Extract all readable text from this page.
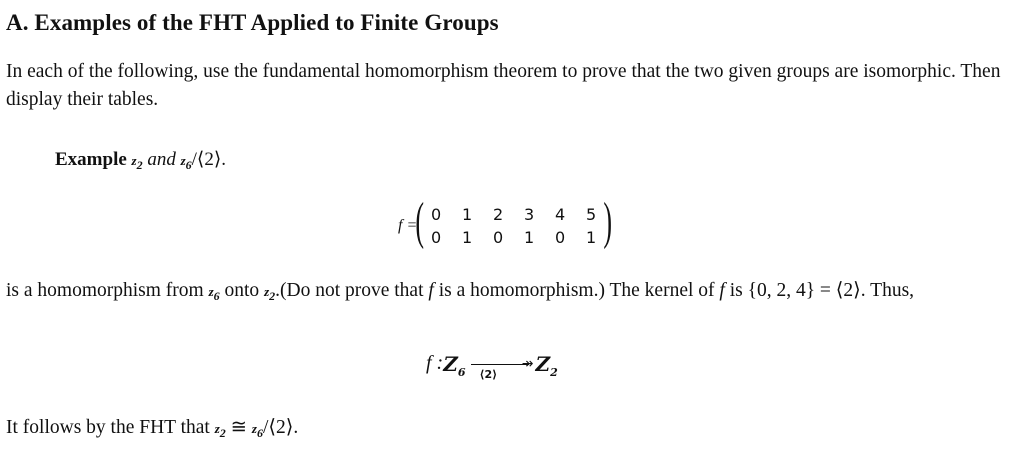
A. Examples of the FHT Applied to Finite Groups
In each of the following, use the fundamental homomorphism theorem to prove that the two given groups are isomorphic. Then display their tables.
Example z2 and z6/⟨2⟩.
f =
( 0	1	2	3	4	5
0	1	0	1	0	1 )
is a homomorphism from z6 onto z2.(Do not prove that f is a homomorphism.) The kernel of f is {0, 2, 4} = ⟨2⟩. Thus,
f : $Z_6$
↠
⟨2⟩ $Z_2$
It follows by the FHT that z2 ≅ z6/⟨2⟩.
